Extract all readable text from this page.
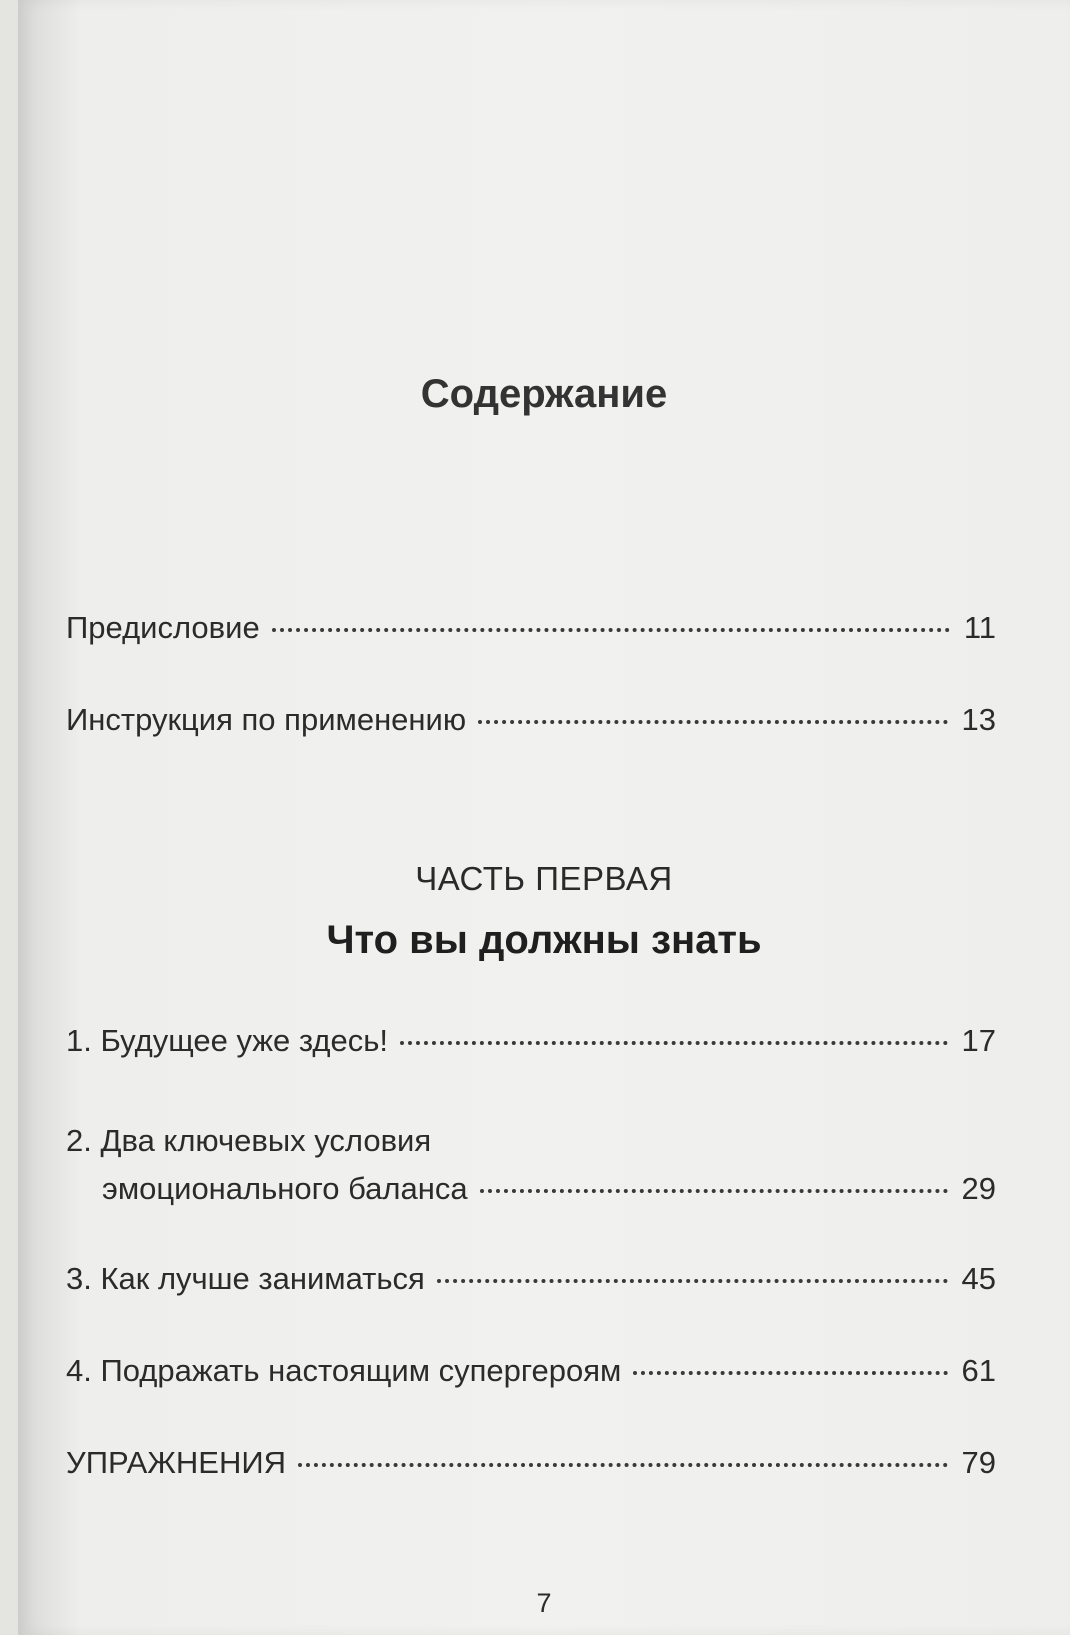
Содержание
Предисловие	11
Инструкция по применению	13
1. Будущее уже здесь!	17
2. Два ключевых условия
эмоционального баланса	29
3. Как лучше заниматься	45
4. Подражать настоящим супергероям	61
УПРАЖНЕНИЯ	79
ЧАСТЬ ПЕРВАЯ
Что вы должны знать
7
